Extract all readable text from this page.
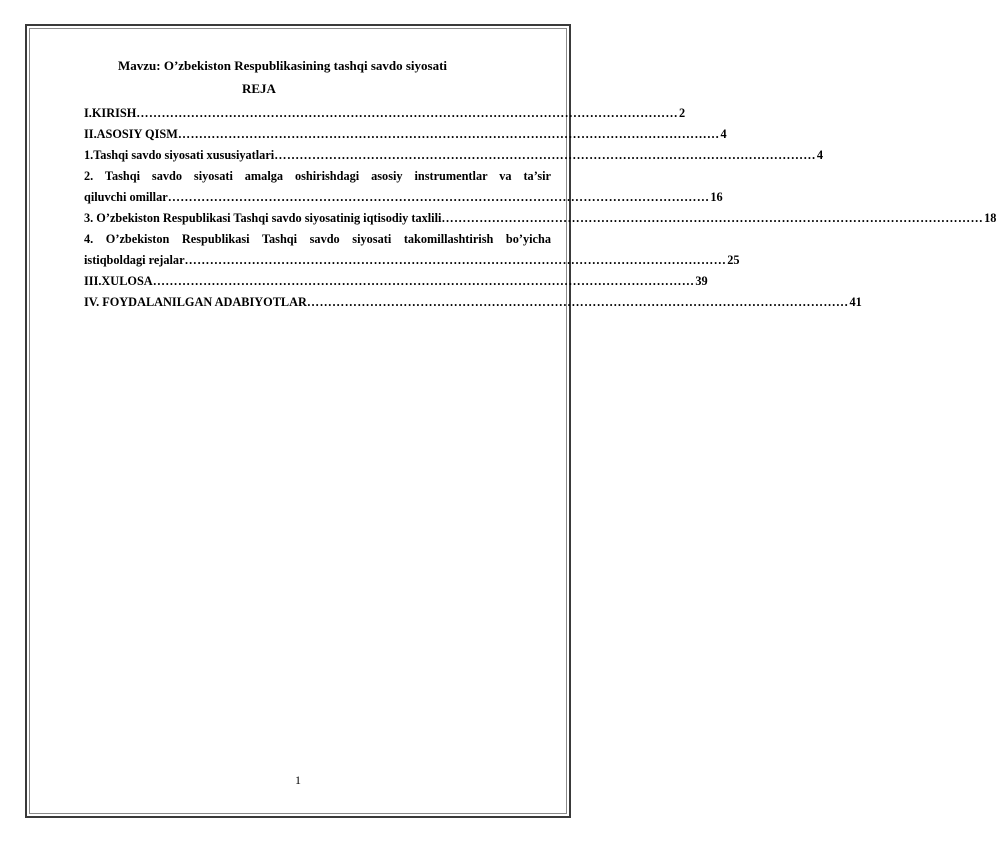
Mavzu: O’zbekiston Respublikasining tashqi savdo siyosati
REJA
I.KIRISH ………………………………………………………………………………………………………………… 2
II.ASOSIY QISM ………………………………………………………………………………………………………………… 4
1.Tashqi savdo siyosati xususiyatlari ………………………………………………………………………………………………………………… 4
2. Tashqi savdo siyosati amalga oshirishdagi asosiy instrumentlar va ta’sir
qiluvchi omillar ………………………………………………………………………………………………………………… 16
3. O’zbekiston Respublikasi Tashqi savdo siyosatinig iqtisodiy taxlili ………………………………………………………………………………………………………………… 18
4. O’zbekiston Respublikasi Tashqi savdo siyosati takomillashtirish bo’yicha
istiqboldagi rejalar ………………………………………………………………………………………………………………… 25
III.XULOSA ………………………………………………………………………………………………………………… 39
IV. FOYDALANILGAN ADABIYOTLAR ………………………………………………………………………………………………………………… 41
1
